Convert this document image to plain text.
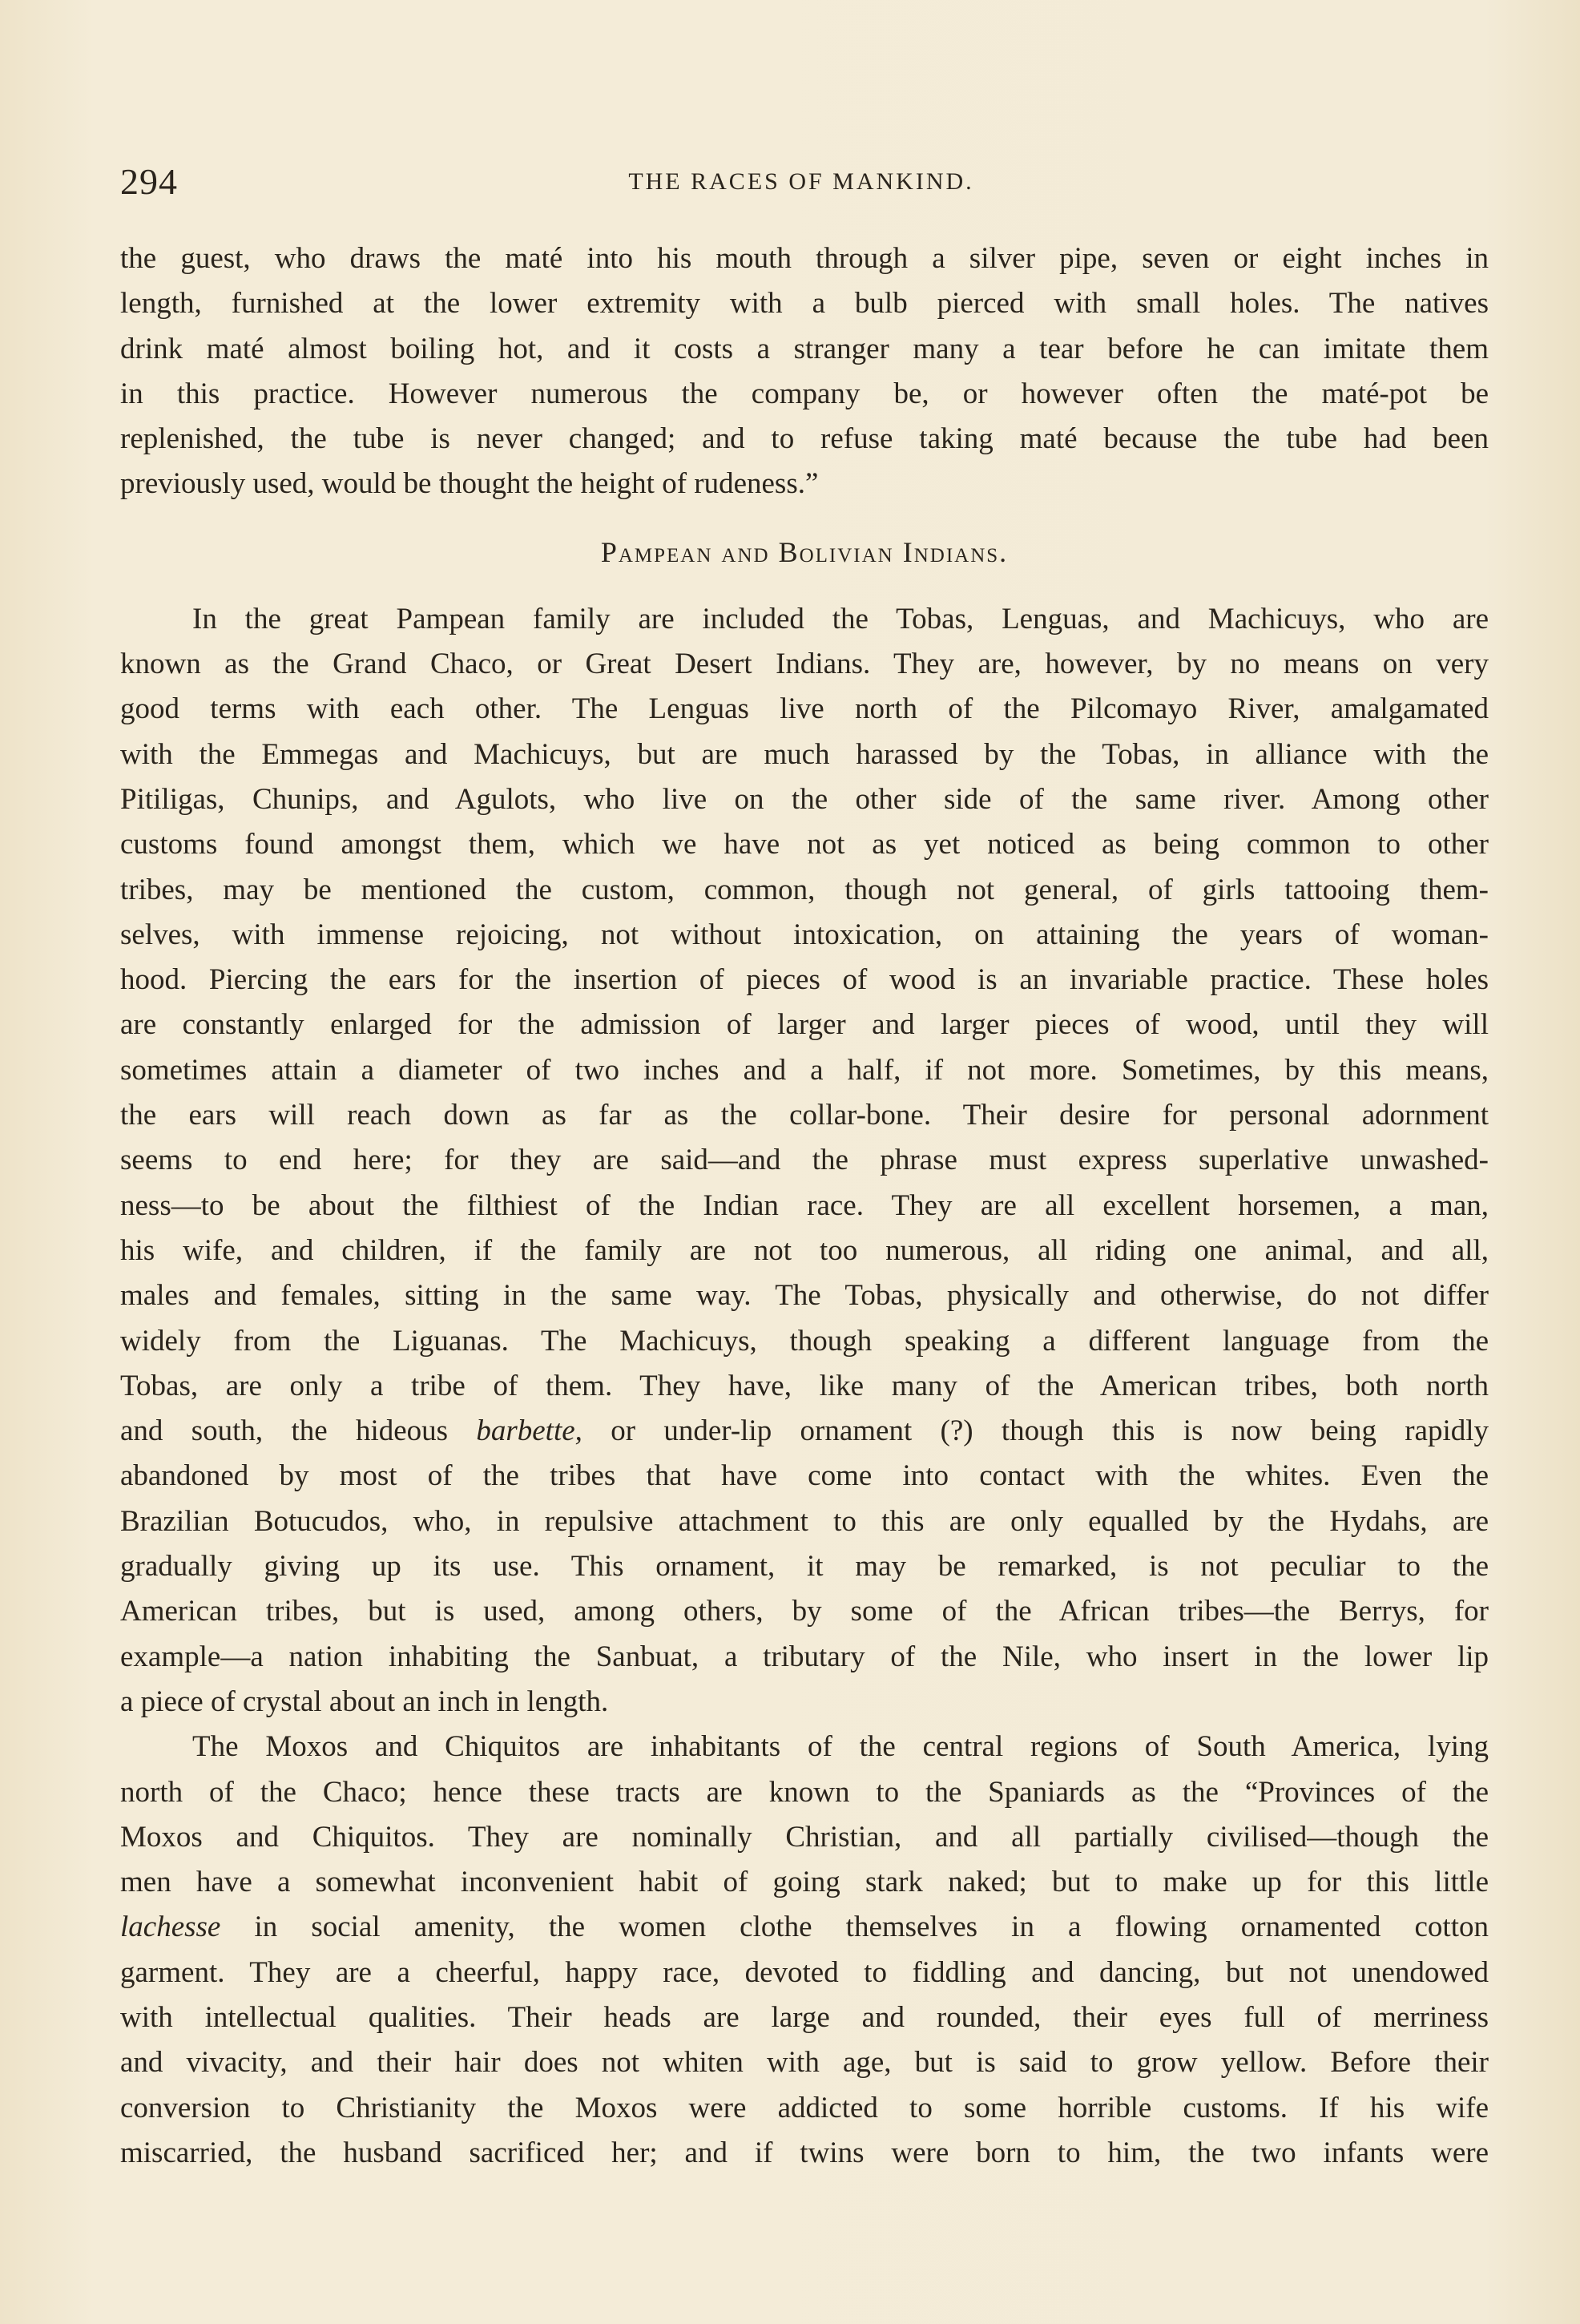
294	THE RACES OF MANKIND.

the guest, who draws the maté into his mouth through a silver pipe, seven or eight inches in

length, furnished at the lower extremity with a bulb pierced with small holes. The natives

drink maté almost boiling hot, and it costs a stranger many a tear before he can imitate them

in this practice. However numerous the company be, or however often the maté-pot be

replenished, the tube is never changed; and to refuse taking maté because the tube had been

previously used, would be thought the height of rudeness.”

Pampean and Bolivian Indians.

In the great Pampean family are included the Tobas, Lenguas, and Machicuys, who are

known as the Grand Chaco, or Great Desert Indians. They are, however, by no means on very

good terms with each other. The Lenguas live north of the Pilcomayo River, amalgamated

with the Emmegas and Machicuys, but are much harassed by the Tobas, in alliance with the

Pitiligas, Chunips, and Agulots, who live on the other side of the same river. Among other

customs found amongst them, which we have not as yet noticed as being common to other

tribes, may be mentioned the custom, common, though not general, of girls tattooing them-

selves, with immense rejoicing, not without intoxication, on attaining the years of woman-

hood. Piercing the ears for the insertion of pieces of wood is an invariable practice. These holes

are constantly enlarged for the admission of larger and larger pieces of wood, until they will

sometimes attain a diameter of two inches and a half, if not more. Sometimes, by this means,

the ears will reach down as far as the collar-bone. Their desire for personal adornment

seems to end here; for they are said—and the phrase must express superlative unwashed-

ness—to be about the filthiest of the Indian race. They are all excellent horsemen, a man,

his wife, and children, if the family are not too numerous, all riding one animal, and all,

males and females, sitting in the same way. The Tobas, physically and otherwise, do not differ

widely from the Liguanas. The Machicuys, though speaking a different language from the

Tobas, are only a tribe of them. They have, like many of the American tribes, both north

and south, the hideous barbette, or under-lip ornament (?) though this is now being rapidly

abandoned by most of the tribes that have come into contact with the whites. Even the

Brazilian Botucudos, who, in repulsive attachment to this are only equalled by the Hydahs, are

gradually giving up its use. This ornament, it may be remarked, is not peculiar to the

American tribes, but is used, among others, by some of the African tribes—the Berrys, for

example—a nation inhabiting the Sanbuat, a tributary of the Nile, who insert in the lower lip

a piece of crystal about an inch in length.

The Moxos and Chiquitos are inhabitants of the central regions of South America, lying

north of the Chaco; hence these tracts are known to the Spaniards as the “Provinces of the

Moxos and Chiquitos. They are nominally Christian, and all partially civilised—though the

men have a somewhat inconvenient habit of going stark naked; but to make up for this little

lachesse in social amenity, the women clothe themselves in a flowing ornamented cotton

garment. They are a cheerful, happy race, devoted to fiddling and dancing, but not unendowed

with intellectual qualities. Their heads are large and rounded, their eyes full of merriness

and vivacity, and their hair does not whiten with age, but is said to grow yellow. Before their

conversion to Christianity the Moxos were addicted to some horrible customs. If his wife

miscarried, the husband sacrificed her; and if twins were born to him, the two infants were
